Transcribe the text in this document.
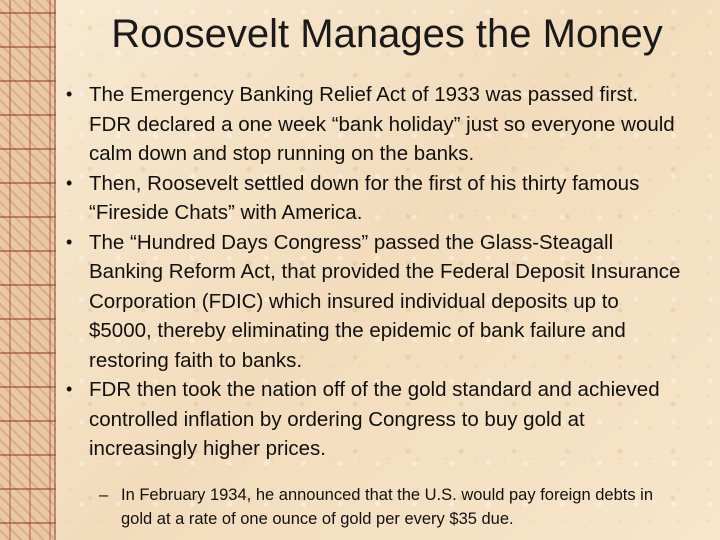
Roosevelt Manages the Money
• The Emergency Banking Relief Act of 1933 was passed first. FDR declared a one week “bank holiday” just so everyone would calm down and stop running on the banks.
• Then, Roosevelt settled down for the first of his thirty famous “Fireside Chats” with America.
• The “Hundred Days Congress” passed the Glass-Steagall Banking Reform Act, that provided the Federal Deposit Insurance Corporation (FDIC) which insured individual deposits up to $5000, thereby eliminating the epidemic of bank failure and restoring faith to banks.
• FDR then took the nation off of the gold standard and achieved controlled inflation by ordering Congress to buy gold at increasingly higher prices.
– In February 1934, he announced that the U.S. would pay foreign debts in gold at a rate of one ounce of gold per every $35 due.
